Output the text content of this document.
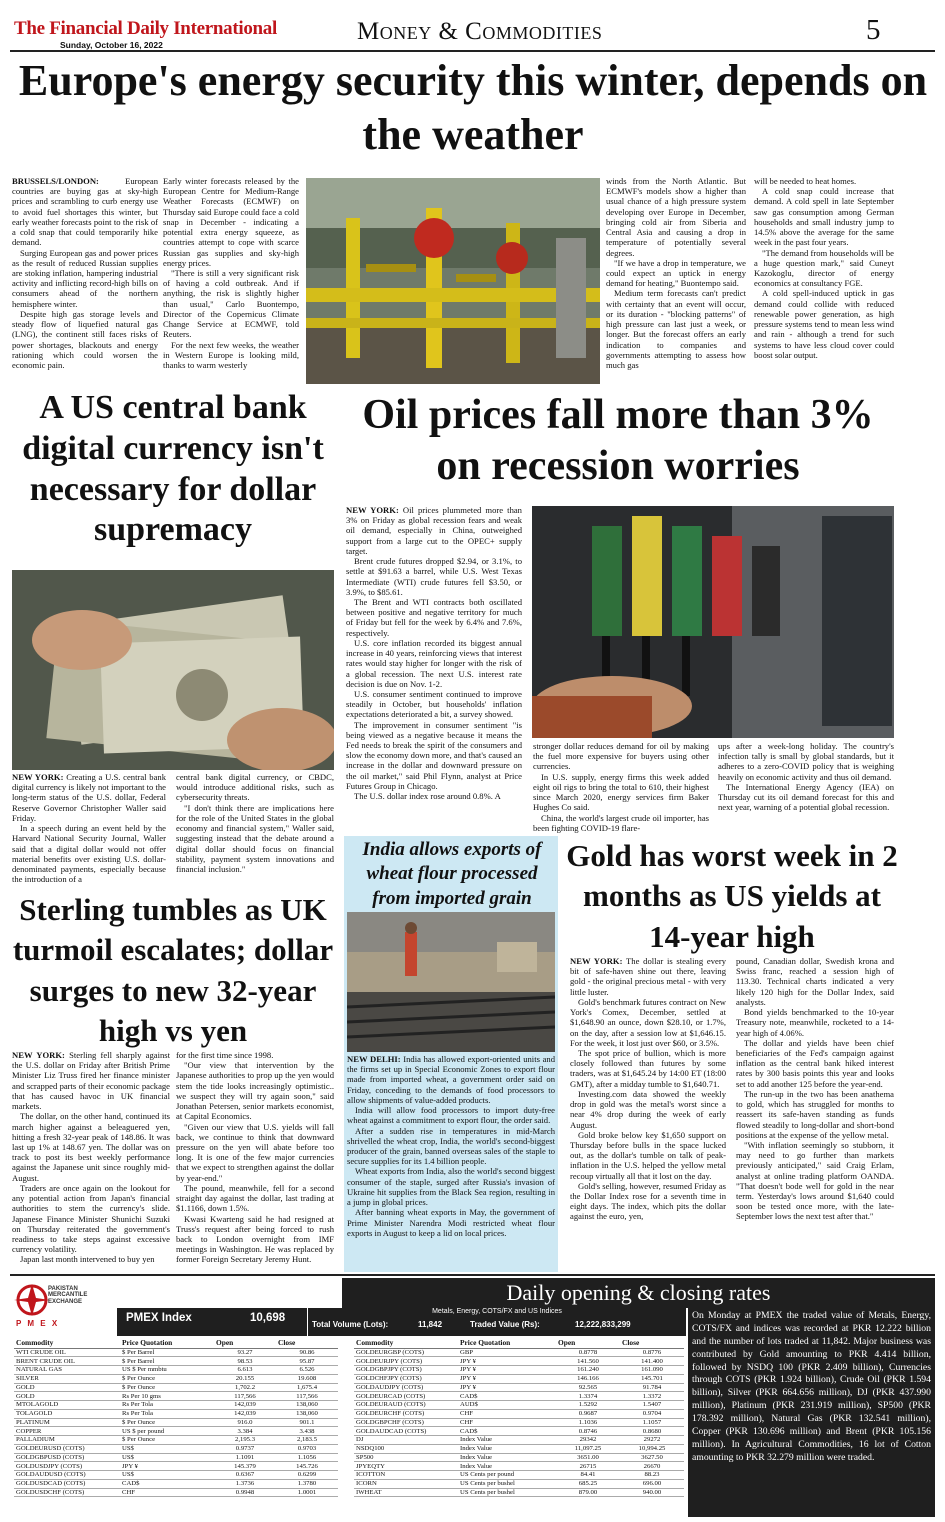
The Financial Daily International
Sunday, October 16, 2022	Money & Commodities	5
Europe's energy security this winter, depends on the weather

BRUSSELS/LONDON: European countries are buying gas at sky-high prices and scrambling to curb energy use to avoid fuel shortages this winter, but early weather forecasts point to the risk of a cold snap that could temporarily hike demand.

Surging European gas and power prices as the result of reduced Russian supplies are stoking inflation, hampering industrial activity and inflicting record-high bills on consumers ahead of the northern hemisphere winter.

Despite high gas storage levels and steady flow of liquefied natural gas (LNG), the continent still faces risks of power shortages, blackouts and energy rationing which could worsen the economic pain.

Early winter forecasts released by the European Centre for Medium-Range Weather Forecasts (ECMWF) on Thursday said Europe could face a cold snap in December - indicating a potential extra energy squeeze, as countries attempt to cope with scarce Russian gas supplies and sky-high energy prices.

"There is still a very significant risk of having a cold outbreak. And if anything, the risk is slightly higher than usual," Carlo Buontempo, Director of the Copernicus Climate Change Service at ECMWF, told Reuters.

For the next few weeks, the weather in Western Europe is looking mild, thanks to warm westerly

winds from the North Atlantic. But ECMWF's models show a higher than usual chance of a high pressure system developing over Europe in December, bringing cold air from Siberia and Central Asia and causing a drop in temperature of potentially several degrees.

"If we have a drop in temperature, we could expect an uptick in energy demand for heating," Buontempo said.

Medium term forecasts can't predict with certainty that an event will occur, or its duration - "blocking patterns" of high pressure can last just a week, or longer. But the forecast offers an early indication to companies and governments attempting to assess how much gas

will be needed to heat homes.

A cold snap could increase that demand. A cold spell in late September saw gas consumption among German households and small industry jump to 14.5% above the average for the same week in the past four years.

"The demand from households will be a huge question mark," said Cuneyt Kazokoglu, director of energy economics at consultancy FGE.

A cold spell-induced uptick in gas demand could collide with reduced renewable power generation, as high pressure systems tend to mean less wind and rain - although a trend for such systems to have less cloud cover could boost solar output.

A US central bank digital currency isn't necessary for dollar supremacy

NEW YORK: Creating a U.S. central bank digital currency is likely not important to the long-term status of the U.S. dollar, Federal Reserve Governor Christopher Waller said Friday.

In a speech during an event held by the Harvard National Security Journal, Waller said that a digital dollar would not offer material benefits over existing U.S. dollar-denominated payments, especially because the introduction of a

central bank digital currency, or CBDC, would introduce additional risks, such as cybersecurity threats.

"I don't think there are implications here for the role of the United States in the global economy and financial system," Waller said, suggesting instead that the debate around a digital dollar should focus on financial stability, payment system innovations and financial inclusion."

Oil prices fall more than 3% on recession worries

NEW YORK: Oil prices plummeted more than 3% on Friday as global recession fears and weak oil demand, especially in China, outweighed support from a large cut to the OPEC+ supply target.

Brent crude futures dropped $2.94, or 3.1%, to settle at $91.63 a barrel, while U.S. West Texas Intermediate (WTI) crude futures fell $3.50, or 3.9%, to $85.61.

The Brent and WTI contracts both oscillated between positive and negative territory for much of Friday but fell for the week by 6.4% and 7.6%, respectively.

U.S. core inflation recorded its biggest annual increase in 40 years, reinforcing views that interest rates would stay higher for longer with the risk of a global recession. The next U.S. interest rate decision is due on Nov. 1-2.

U.S. consumer sentiment continued to improve steadily in October, but households' inflation expectations deteriorated a bit, a survey showed.

The improvement in consumer sentiment "is being viewed as a negative because it means the Fed needs to break the spirit of the consumers and slow the economy down more, and that's caused an increase in the dollar and downward pressure on the oil market," said Phil Flynn, analyst at Price Futures Group in Chicago.

The U.S. dollar index rose around 0.8%. A

stronger dollar reduces demand for oil by making the fuel more expensive for buyers using other currencies.

In U.S. supply, energy firms this week added eight oil rigs to bring the total to 610, their highest since March 2020, energy services firm Baker Hughes Co said.

China, the world's largest crude oil importer, has been fighting COVID-19 flare-

ups after a week-long holiday. The country's infection tally is small by global standards, but it adheres to a zero-COVID policy that is weighing heavily on economic activity and thus oil demand.

The International Energy Agency (IEA) on Thursday cut its oil demand forecast for this and next year, warning of a potential global recession.

Sterling tumbles as UK turmoil escalates; dollar surges to new 32-year high vs yen

NEW YORK: Sterling fell sharply against the U.S. dollar on Friday after British Prime Minister Liz Truss fired her finance minister and scrapped parts of their economic package that has caused havoc in UK financial markets.

The dollar, on the other hand, continued its march higher against a beleaguered yen, hitting a fresh 32-year peak of 148.86. It was last up 1% at 148.67 yen. The dollar was on track to post its best weekly performance against the Japanese unit since roughly mid-August.

Traders are once again on the lookout for any potential action from Japan's financial authorities to stem the currency's slide. Japanese Finance Minister Shunichi Suzuki on Thursday reiterated the government's readiness to take steps against excessive currency volatility.

Japan last month intervened to buy yen

for the first time since 1998.

"Our view that intervention by the Japanese authorities to prop up the yen would stem the tide looks increasingly optimistic.. we suspect they will try again soon," said Jonathan Petersen, senior markets economist, at Capital Economics.

"Given our view that U.S. yields will fall back, we continue to think that downward pressure on the yen will abate before too long. It is one of the few major currencies that we expect to strengthen against the dollar by year-end."

The pound, meanwhile, fell for a second straight day against the dollar, last trading at $1.1166, down 1.5%.

Kwasi Kwarteng said he had resigned at Truss's request after being forced to rush back to London overnight from IMF meetings in Washington. He was replaced by former Foreign Secretary Jeremy Hunt.

India allows exports of wheat flour processed from imported grain

NEW DELHI: India has allowed export-oriented units and the firms set up in Special Economic Zones to export flour made from imported wheat, a government order said on Friday, conceding to the demands of food processors to allow shipments of value-added products.

India will allow food processors to import duty-free wheat against a commitment to export flour, the order said.

After a sudden rise in temperatures in mid-March shrivelled the wheat crop, India, the world's second-biggest producer of the grain, banned overseas sales of the staple to secure supplies for its 1.4 billion people.

Wheat exports from India, also the world's second biggest consumer of the staple, surged after Russia's invasion of Ukraine hit supplies from the Black Sea region, resulting in a jump in global prices.

After banning wheat exports in May, the government of Prime Minister Narendra Modi restricted wheat flour exports in August to keep a lid on local prices.

Gold has worst week in 2 months as US yields at 14-year high

NEW YORK: The dollar is stealing every bit of safe-haven shine out there, leaving gold - the original precious metal - with very little luster.

Gold's benchmark futures contract on New York's Comex, December, settled at $1,648.90 an ounce, down $28.10, or 1.7%, on the day, after a session low at $1,646.15. For the week, it lost just over $60, or 3.5%.

The spot price of bullion, which is more closely followed than futures by some traders, was at $1,645.24 by 14:00 ET (18:00 GMT), after a midday tumble to $1,640.71.

Investing.com data showed the weekly drop in gold was the metal's worst since a near 4% drop during the week of early August.

Gold broke below key $1,650 support on Thursday before bulls in the space lucked out, as the dollar's tumble on talk of peak-inflation in the U.S. helped the yellow metal recoup virtually all that it lost on the day.

Gold's selling, however, resumed Friday as the Dollar Index rose for a seventh time in eight days. The index, which pits the dollar against the euro, yen,

pound, Canadian dollar, Swedish krona and Swiss franc, reached a session high of 113.30. Technical charts indicated a very likely 120 high for the Dollar Index, said analysts.

Bond yields benchmarked to the 10-year Treasury note, meanwhile, rocketed to a 14-year high of 4.06%.

The dollar and yields have been chief beneficiaries of the Fed's campaign against inflation as the central bank hiked interest rates by 300 basis points this year and looks set to add another 125 before the year-end.

The run-up in the two has been anathema to gold, which has struggled for months to reassert its safe-haven standing as funds flowed steadily to long-dollar and short-bond positions at the expense of the yellow metal.

"With inflation seemingly so stubborn, it may need to go further than markets previously anticipated," said Craig Erlam, analyst at online trading platform OANDA. "That doesn't bode well for gold in the near term. Yesterday's lows around $1,640 could soon be tested once more, with the late-September lows the next test after that."

PAKISTAN
MERCANTILE
EXCHANGE
P M E X
Daily opening & closing rates
PMEX Index	10,698
Metals, Energy, COTS/FX and US Indices
Total Volume (Lots):	11,842	Traded Value (Rs):	12,222,833,299
Commodity	Price Quotation	Open	Close
WTI CRUDE OIL	$ Per Barrel	93.27	90.86
BRENT CRUDE OIL	$ Per Barrel	98.53	95.87
NATURAL GAS	US $ Per mmbtu	6.613	6.526
SILVER	$ Per Ounce	20.155	19.608
GOLD	$ Per Ounce	1,702.2	1,675.4
GOLD	Rs Per 10 gms	117,566	117,566
MTOLAGOLD	Rs Per Tola	142,039	138,060
TOLAGOLD	Rs Per Tola	142,039	138,060
PLATINUM	$ Per Ounce	916.0	901.1
COPPER	US $ per pound	3.384	3.438
PALLADIUM	$ Per Ounce	2,195.3	2,183.5
GOLDEURUSD (COTS)	US$	0.9737	0.9703
GOLDGBPUSD (COTS)	US$	1.1091	1.1056
GOLDUSDJPY (COTS)	JPY ¥	145.379	145.726
GOLDAUDUSD (COTS)	US$	0.6367	0.6299
GOLDUSDCAD (COTS)	CAD$	1.3736	1.3780
GOLDUSDCHF (COTS)	CHF	0.9948	1.0001
Commodity	Price Quotation	Open	Close
GOLDEURGBP (COTS)	GBP	0.8778	0.8776
GOLDEURJPY (COTS)	JPY ¥	141.560	141.400
GOLDGBPJPY (COTS)	JPY ¥	161.240	161.090
GOLDCHFJPY (COTS)	JPY ¥	146.166	145.701
GOLDAUDJPY (COTS)	JPY ¥	92.565	91.784
GOLDEURCAD (COTS)	CAD$	1.3374	1.3372
GOLDEURAUD (COTS)	AUD$	1.5292	1.5407
GOLDEURCHF (COTS)	CHF	0.9687	0.9704
GOLDGBPCHF (COTS)	CHF	1.1036	1.1057
GOLDAUDCAD (COTS)	CAD$	0.8746	0.8680
DJ	Index Value	29342	29272
NSDQ100	Index Value	11,097.25	10,994.25
SP500	Index Value	3651.00	3627.50
JPYEQTY	Index Value	26715	26670
ICOTTON	US Cents per pound	84.41	88.23
ICORN	US Cents per bushel	685.25	696.00
IWHEAT	US Cents per bushel	879.00	940.00
On Monday at PMEX the traded value of Metals, Energy, COTS/FX and indices was recorded at PKR 12.222 billion and the number of lots traded at 11,842. Major business was contributed by Gold amounting to PKR 4.414 billion, followed by NSDQ 100 (PKR 2.409 billion), Currencies through COTS (PKR 1.924 billion), Crude Oil (PKR 1.594 billion), Silver (PKR 664.656 million), DJ (PKR 437.990 million), Platinum (PKR 231.919 million), SP500 (PKR 178.392 million), Natural Gas (PKR 132.541 million), Copper (PKR 130.696 million) and Brent (PKR 105.156 million). In Agricultural Commodities, 16 lot of Cotton amounting to PKR 32.279 million were traded.
